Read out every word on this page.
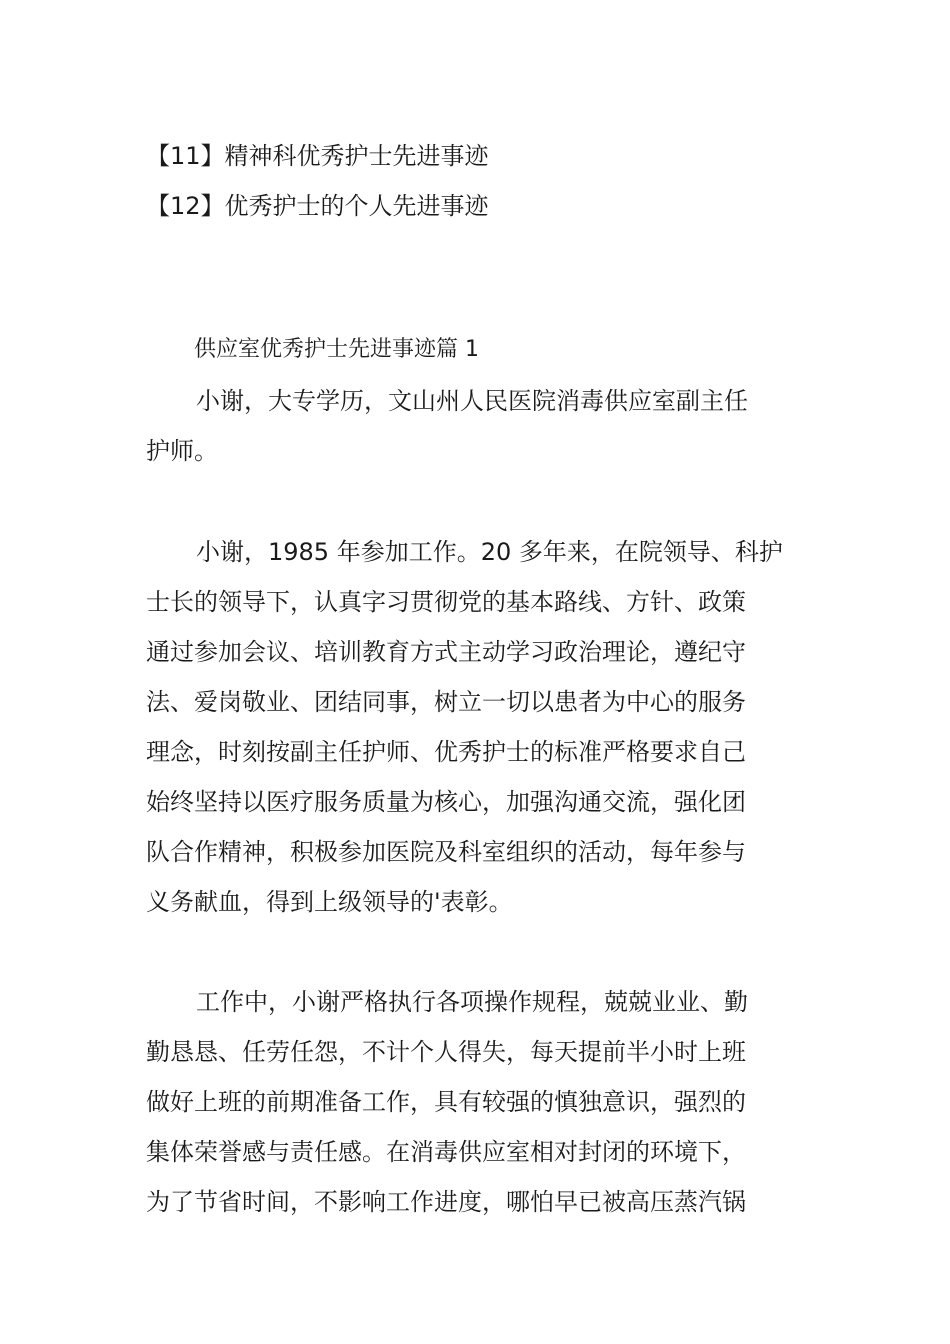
【11】精神科优秀护士先进事迹
【12】优秀护士的个人先进事迹
供应室优秀护士先进事迹篇 1
小谢，大专学历，文山州人民医院消毒供应室副主任
护师。
小谢，1985 年参加工作。20 多年来，在院领导、科护
士长的领导下，认真字习贯彻党的基本路线、方针、政策
通过参加会议、培训教育方式主动学习政治理论，遵纪守
法、爱岗敬业、团结同事，树立一切以患者为中心的服务
理念，时刻按副主任护师、优秀护士的标准严格要求自己
始终坚持以医疗服务质量为核心，加强沟通交流，强化团
队合作精神，积极参加医院及科室组织的活动，每年参与
义务献血，得到上级领导的'表彰。
工作中，小谢严格执行各项操作规程，兢兢业业、勤
勤恳恳、任劳任怨，不计个人得失，每天提前半小时上班
做好上班的前期准备工作，具有较强的慎独意识，强烈的
集体荣誉感与责任感。在消毒供应室相对封闭的环境下，
为了节省时间，不影响工作进度，哪怕早已被高压蒸汽锅
